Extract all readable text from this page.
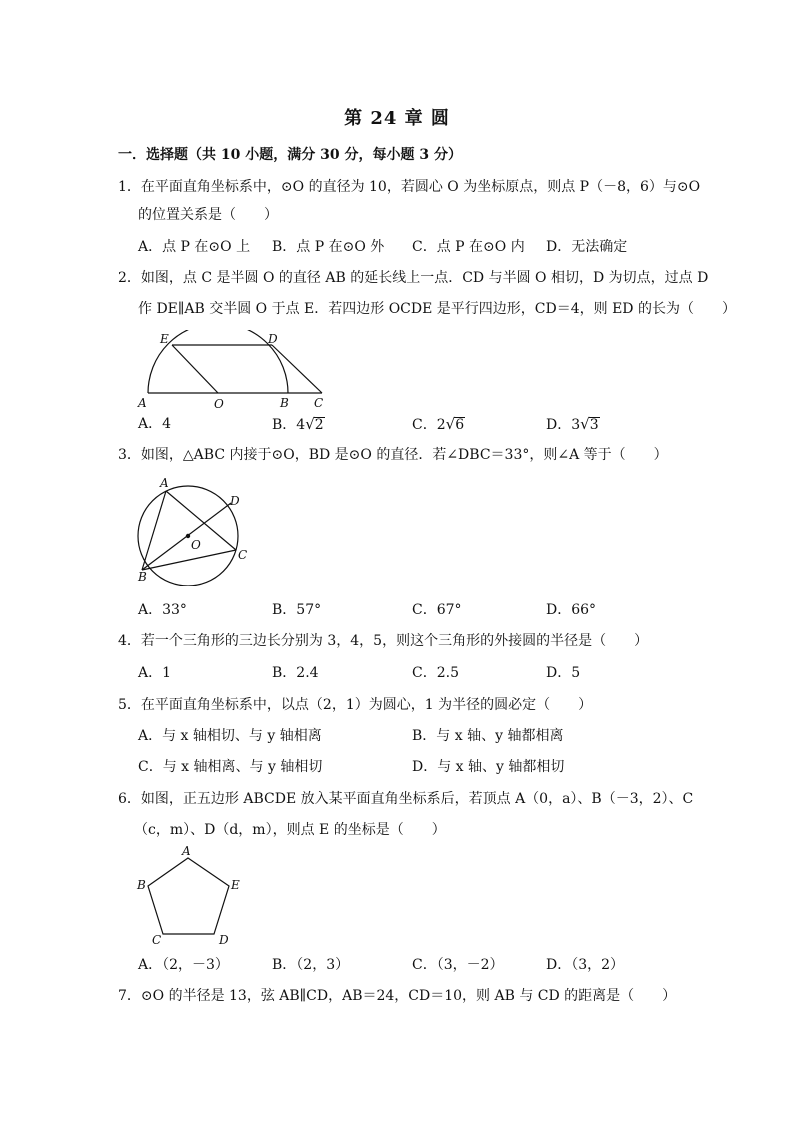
第 24 章 圆
一．选择题（共 10 小题，满分 30 分，每小题 3 分）
1．在平面直角坐标系中，⊙O 的直径为 10，若圆心 O 为坐标原点，则点 P（－8，6）与⊙O
的位置关系是（　　）
A．点 P 在⊙O 上 B．点 P 在⊙O 外 C．点 P 在⊙O 内 D．无法确定
2．如图，点 C 是半圆 O 的直径 AB 的延长线上一点．CD 与半圆 O 相切，D 为切点，过点 D
作 DE∥AB 交半圆 O 于点 E．若四边形 OCDE 是平行四边形，CD＝4，则 ED 的长为（　　）
E	D
A	O	B C
A．4	B．4√2	C．2√6	D．3√3
3．如图，△ABC 内接于⊙O，BD 是⊙O 的直径．若∠DBC＝33°，则∠A 等于（　　）
A
D
O
C
B
A．33°	B．57°	C．67°	D．66°
4．若一个三角形的三边长分别为 3，4，5，则这个三角形的外接圆的半径是（　　）
A．1	B．2.4	C．2.5	D．5
5．在平面直角坐标系中，以点（2，1）为圆心，1 为半径的圆必定（　　）
A．与 x 轴相切、与 y 轴相离	B．与 x 轴、y 轴都相离
C．与 x 轴相离、与 y 轴相切	D．与 x 轴、y 轴都相切
6．如图，正五边形 ABCDE 放入某平面直角坐标系后，若顶点 A（0，a）、B（－3，2）、C
（c，m）、D（d，m），则点 E 的坐标是（　　）
A
B	E
C	D
A．（2，－3）	B．（2，3）	C．（3，－2）	D．（3，2）
7．⊙O 的半径是 13，弦 AB∥CD，AB＝24，CD＝10，则 AB 与 CD 的距离是（　　）
